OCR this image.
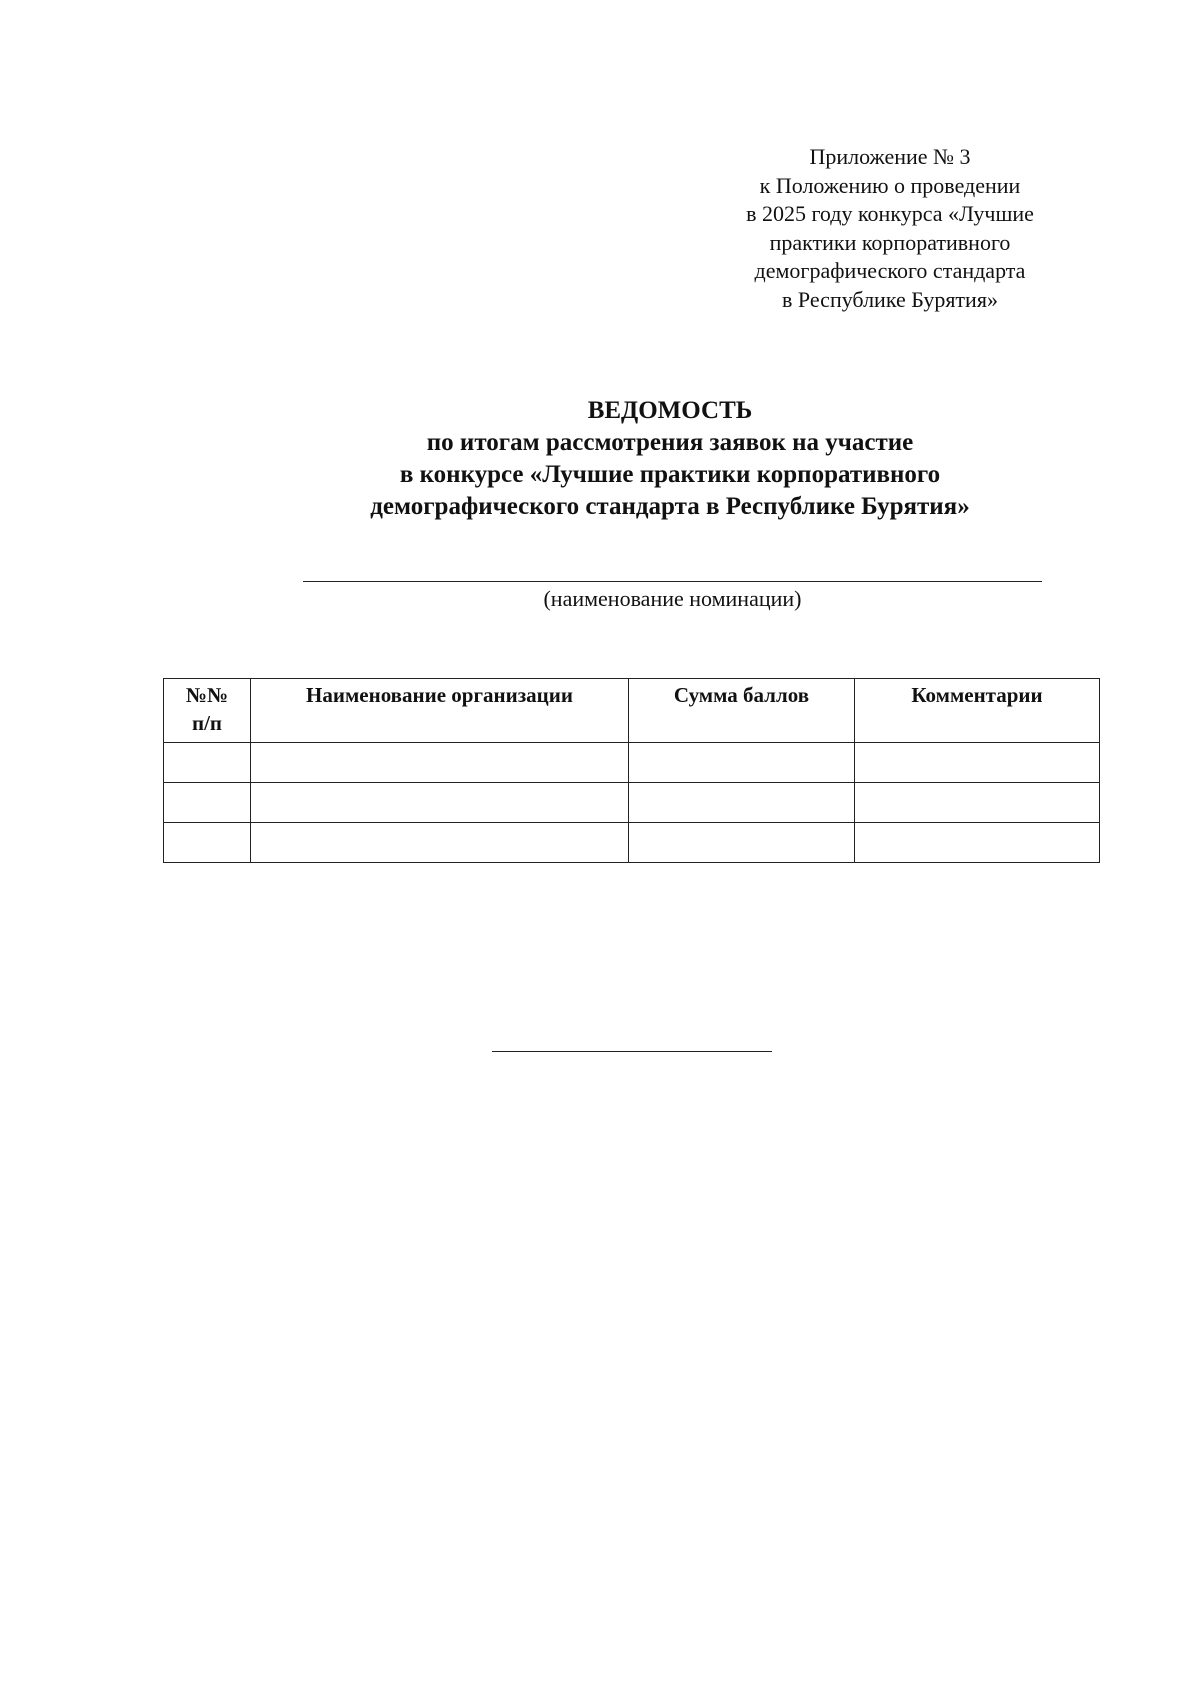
Приложение № 3
к Положению о проведении
в 2025 году конкурса «Лучшие
практики корпоративного
демографического стандарта
в Республике Бурятия»
ВЕДОМОСТЬ
по итогам рассмотрения заявок на участие
в конкурсе «Лучшие практики корпоративного
демографического стандарта в Республике Бурятия»
(наименование номинации)
№№
п/п	Наименование организации	Сумма баллов	Комментарии
